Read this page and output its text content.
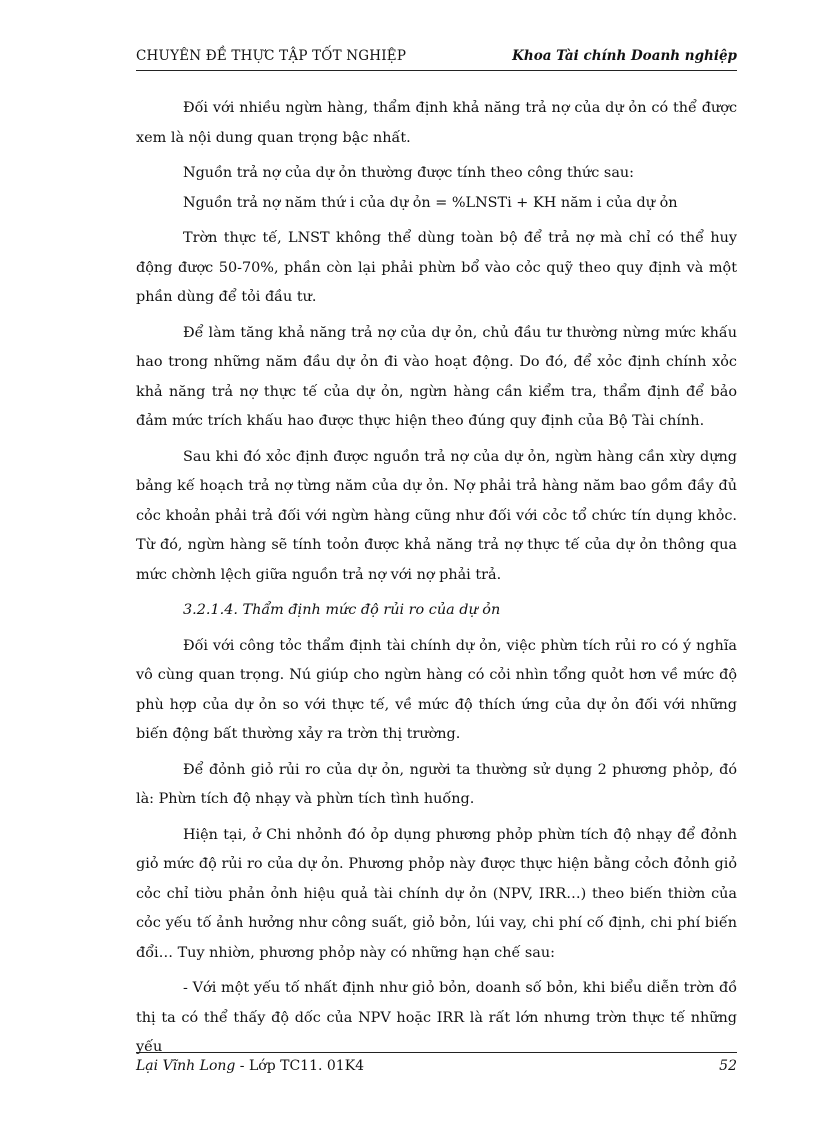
CHUYÊN ĐỀ THỰC TẬP TỐT NGHIỆP	Khoa Tài chính Doanh nghiệp

Đối với nhiều ngừn hàng, thẩm định khả năng trả nợ của dự ỏn có thể được xem là nội dung quan trọng bậc nhất.

Nguồn trả nợ của dự ỏn thường được tính theo công thức sau:

Nguồn trả nợ năm thứ i của dự ỏn = %LNSTi + KH năm i của dự ỏn

Trờn thực tế, LNST không thể dùng toàn bộ để trả nợ mà chỉ có thể huy động được 50-70%, phần còn lại phải phừn bổ vào cỏc quỹ theo quy định và một phần dùng để tỏi đầu tư.

Để làm tăng khả năng trả nợ của dự ỏn, chủ đầu tư thường nừng mức khấu hao trong những năm đầu dự ỏn đi vào hoạt động. Do đó, để xỏc định chính xỏc khả năng trả nợ thực tế của dự ỏn, ngừn hàng cần kiểm tra, thẩm định để bảo đảm mức trích khấu hao được thực hiện theo đúng quy định của Bộ Tài chính.

Sau khi đó xỏc định được nguồn trả nợ của dự ỏn, ngừn hàng cần xừy dựng bảng kế hoạch trả nợ từng năm của dự ỏn. Nợ phải trả hàng năm bao gồm đầy đủ cỏc khoản phải trả đối với ngừn hàng cũng như đối với cỏc tổ chức tín dụng khỏc. Từ đó, ngừn hàng sẽ tính toỏn được khả năng trả nợ thực tế của dự ỏn thông qua mức chờnh lệch giữa nguồn trả nợ với nợ phải trả.

3.2.1.4. Thẩm định mức độ rủi ro của dự ỏn

Đối với công tỏc thẩm định tài chính dự ỏn, việc phừn tích rủi ro có ý nghĩa vô cùng quan trọng. Nú giúp cho ngừn hàng có cỏi nhìn tổng quỏt hơn về mức độ phù hợp của dự ỏn so với thực tế, về mức độ thích ứng của dự ỏn đối với những biến động bất thường xảy ra trờn thị trường.

Để đỏnh giỏ rủi ro của dự ỏn, người ta thường sử dụng 2 phương phỏp, đó là: Phừn tích độ nhạy và phừn tích tình huống.

Hiện tại, ở Chi nhỏnh đó ỏp dụng phương phỏp phừn tích độ nhạy để đỏnh giỏ mức độ rủi ro của dự ỏn. Phương phỏp này được thực hiện bằng cỏch đỏnh giỏ cỏc chỉ tiờu phản ỏnh hiệu quả tài chính dự ỏn (NPV, IRR…) theo biến thiờn của cỏc yếu tố ảnh hưởng như công suất, giỏ bỏn, lúi vay, chi phí cố định, chi phí biến đổi… Tuy nhiờn, phương phỏp này có những hạn chế sau:

- Với một yếu tố nhất định như giỏ bỏn, doanh số bỏn, khi biểu diễn trờn đồ thị ta có thể thấy độ dốc của NPV hoặc IRR là rất lớn nhưng trờn thực tế những yếu

Lại Vĩnh Long - Lớp TC11. 01K4	52
